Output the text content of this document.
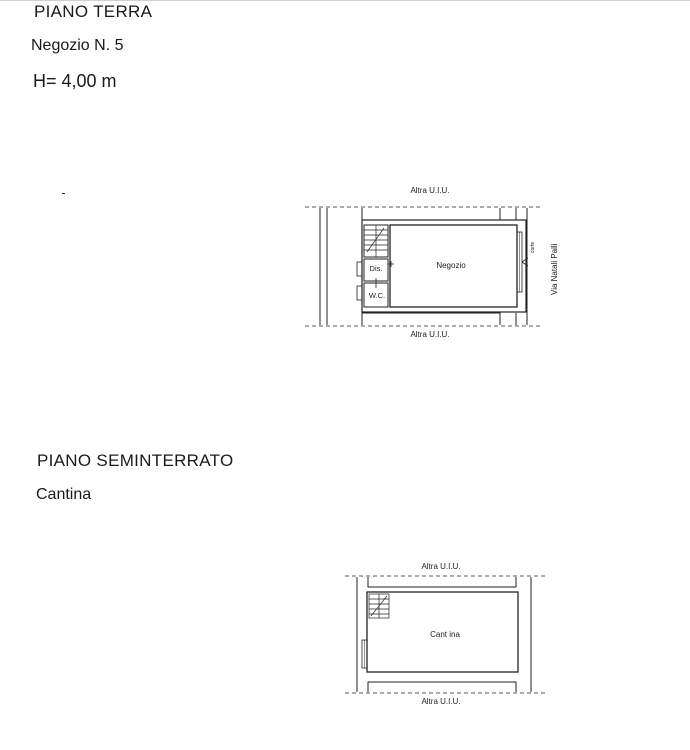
PIANO TERRA
Negozio N. 5
H= 4,00 m
PIANO SEMINTERRATO
Cantina
Altra U.I.U.
Altra U.I.U.
Negozio
Dis.
W.C.
Via Natali Palli
corte
Altra U.I.U.
Altra U.I.U.
Cant ina
